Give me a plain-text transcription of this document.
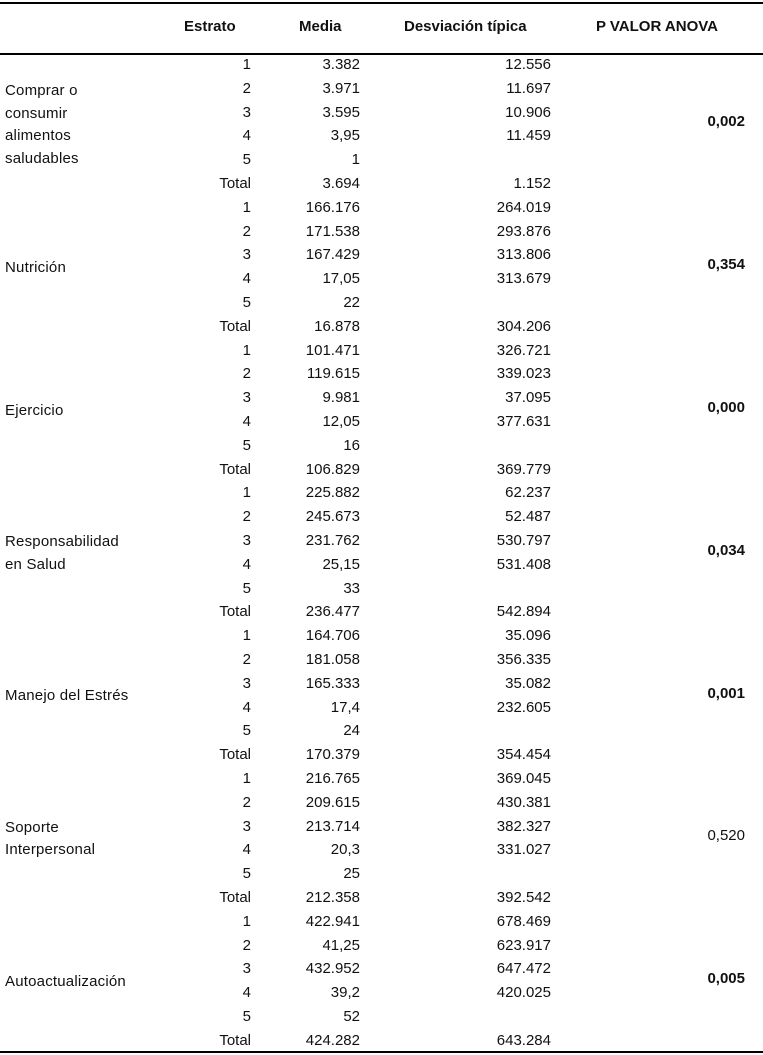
Estrato	Media	Desviación típica	P VALOR ANOVA
Comprar o
consumir
alimentos
saludables
1	3.382	12.556
2	3.971	11.697
3	3.595	10.906
4	3,95	11.459
5	1
Total	3.694	1.152
0,002
Nutrición
1	166.176	264.019
2	171.538	293.876
3	167.429	313.806
4	17,05	313.679
5	22
Total	16.878	304.206
0,354
Ejercicio
1	101.471	326.721
2	119.615	339.023
3	9.981	37.095
4	12,05	377.631
5	16
Total	106.829	369.779
0,000
Responsabilidad
en Salud
1	225.882	62.237
2	245.673	52.487
3	231.762	530.797
4	25,15	531.408
5	33
Total	236.477	542.894
0,034
Manejo del Estrés
1	164.706	35.096
2	181.058	356.335
3	165.333	35.082
4	17,4	232.605
5	24
Total	170.379	354.454
0,001
Soporte
Interpersonal
1	216.765	369.045
2	209.615	430.381
3	213.714	382.327
4	20,3	331.027
5	25
Total	212.358	392.542
0,520
Autoactualización
1	422.941	678.469
2	41,25	623.917
3	432.952	647.472
4	39,2	420.025
5	52
Total	424.282	643.284
0,005
